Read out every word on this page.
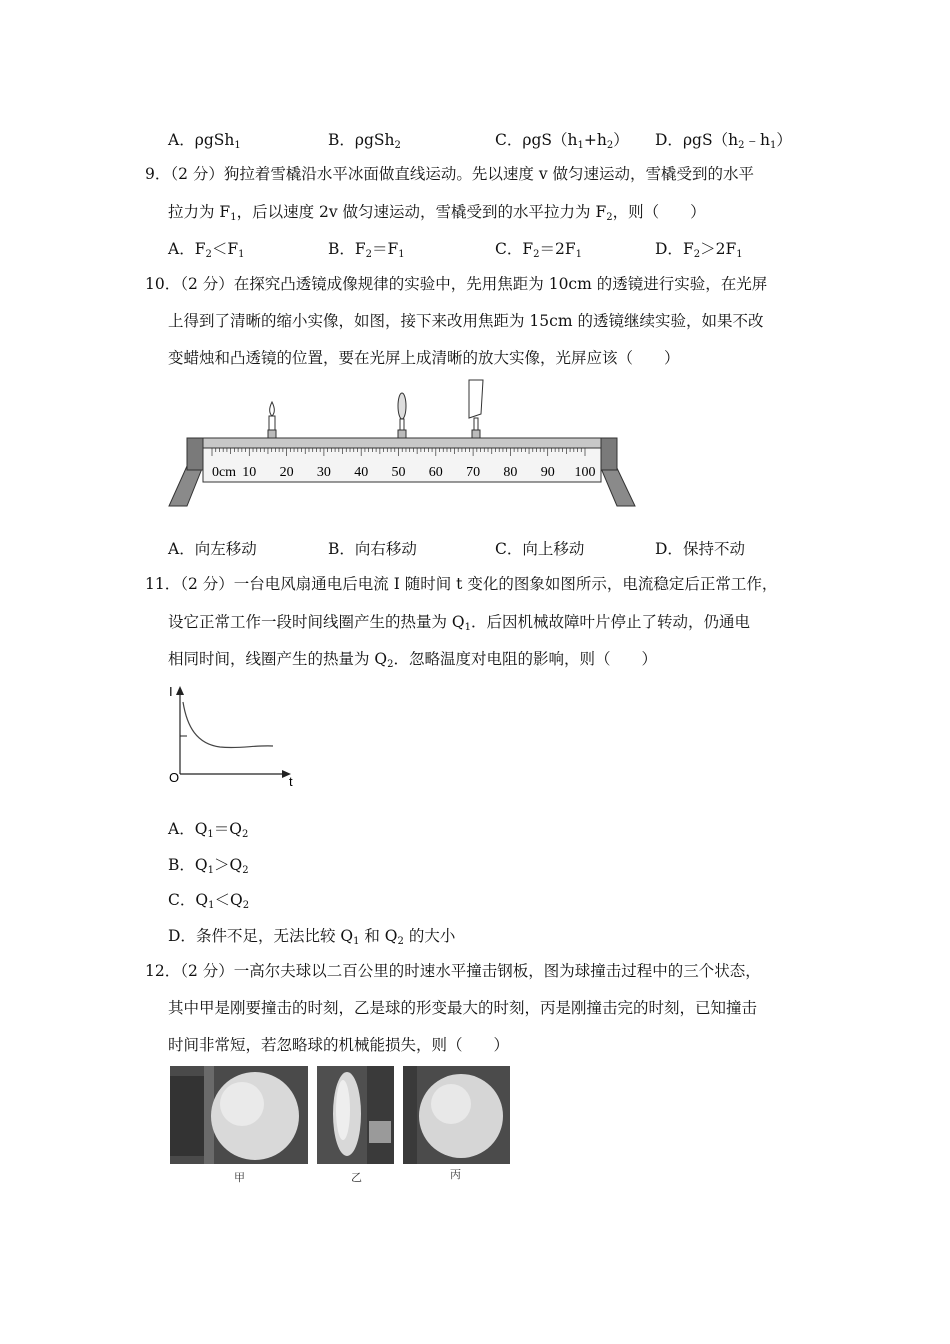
A．ρgSh$_1$	B．ρgSh$_2$	C．$\rho gS(h_1+h_2)$ D．$\rho gS(h_2﹣h_1)$
9．（2 分）狗拉着雪橇沿水平冰面做直线运动。先以速度 v 做匀速运动，雪橇受到的水平
拉力为 $F_1$，后以速度 2v 做匀速运动，雪橇受到的水平拉力为 $F_2$，则（　　）
A．$F_2<F_1$	B．$F_2=F_1$	C．$F_2=2F_1$	D．$F_2>2F_1$
10．（2 分）在探究凸透镜成像规律的实验中，先用焦距为 10cm 的透镜进行实验，在光屏
上得到了清晰的缩小实像，如图，接下来改用焦距为 15cm 的透镜继续实验，如果不改
变蜡烛和凸透镜的位置，要在光屏上成清晰的放大实像，光屏应该（　　）
0cm 10 20 30 40 50 60 70 80 90 100
A．向左移动	B．向右移动	C．向上移动	D．保持不动
11．（2 分）一台电风扇通电后电流 I 随时间 t 变化的图象如图所示，电流稳定后正常工作，
设它正常工作一段时间线圈产生的热量为 $Q_1$．后因机械故障叶片停止了转动，仍通电
相同时间，线圈产生的热量为 $Q_2$．忽略温度对电阻的影响，则（　　）
I
t
O
A．$Q_1=Q_2$
B．$Q_1>Q_2$
C．$Q_1<Q_2$
D．条件不足，无法比较 $Q_1$ 和 $Q_2$ 的大小
12．（2 分）一高尔夫球以二百公里的时速水平撞击钢板，图为球撞击过程中的三个状态，
其中甲是刚要撞击的时刻，乙是球的形变最大的时刻，丙是刚撞击完的时刻，已知撞击
时间非常短，若忽略球的机械能损失，则（　　）
甲	乙	丙
